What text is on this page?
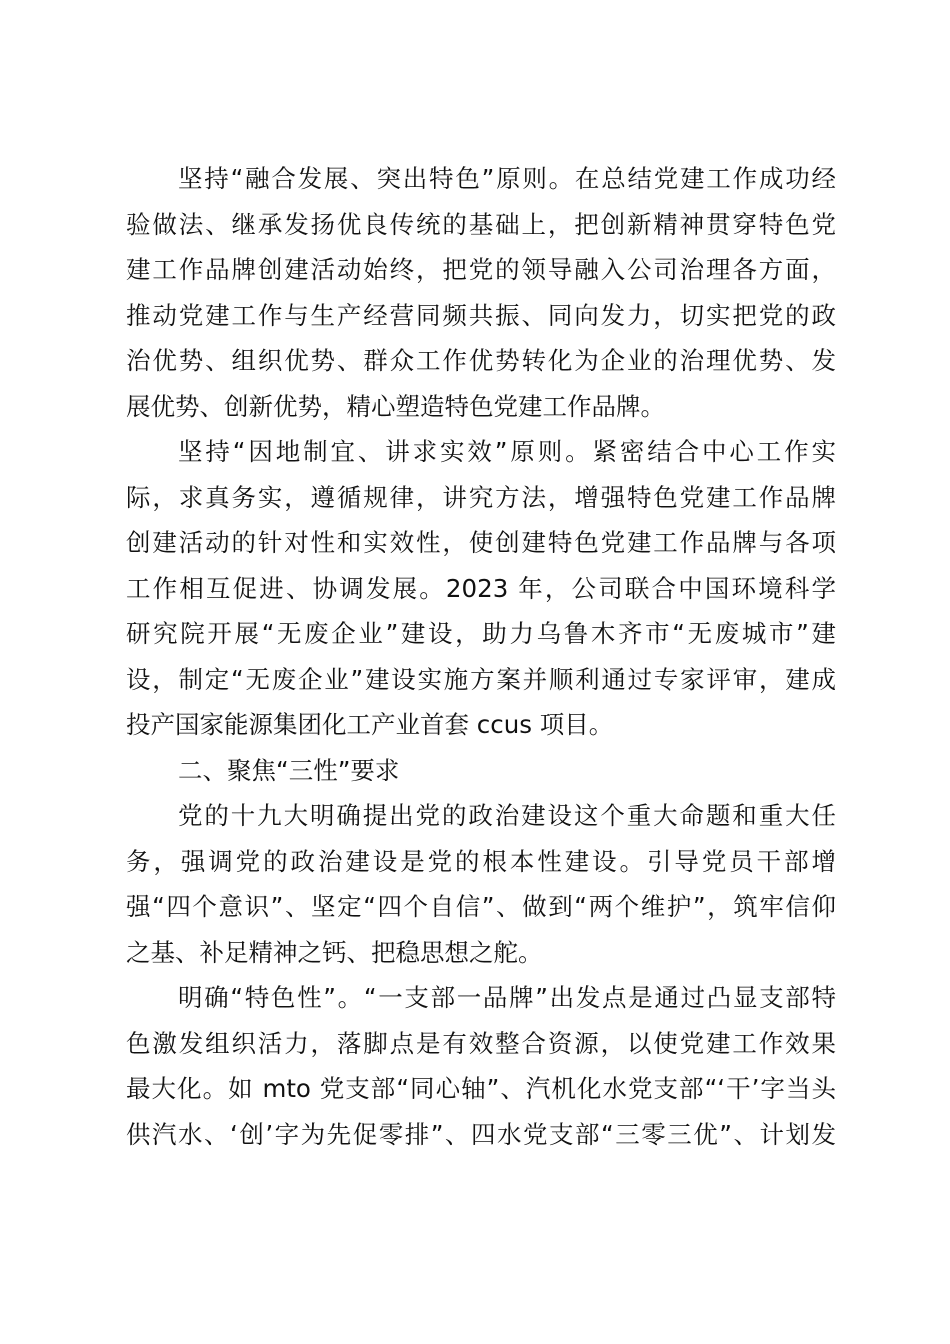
坚持“融合发展、突出特色”原则。在总结党建工作成功经
验做法、继承发扬优良传统的基础上，把创新精神贯穿特色党
建工作品牌创建活动始终，把党的领导融入公司治理各方面，
推动党建工作与生产经营同频共振、同向发力，切实把党的政
治优势、组织优势、群众工作优势转化为企业的治理优势、发
展优势、创新优势，精心塑造特色党建工作品牌。
坚持“因地制宜、讲求实效”原则。紧密结合中心工作实
际，求真务实，遵循规律，讲究方法，增强特色党建工作品牌
创建活动的针对性和实效性，使创建特色党建工作品牌与各项
工作相互促进、协调发展。2023 年，公司联合中国环境科学
研究院开展“无废企业”建设，助力乌鲁木齐市“无废城市”建
设，制定“无废企业”建设实施方案并顺利通过专家评审，建成
投产国家能源集团化工产业首套 ccus 项目。
二、聚焦“三性”要求
党的十九大明确提出党的政治建设这个重大命题和重大任
务，强调党的政治建设是党的根本性建设。引导党员干部增
强“四个意识”、坚定“四个自信”、做到“两个维护”，筑牢信仰
之基、补足精神之钙、把稳思想之舵。
明确“特色性”。“一支部一品牌”出发点是通过凸显支部特
色激发组织活力，落脚点是有效整合资源，以使党建工作效果
最大化。如 mto 党支部“同心轴”、汽机化水党支部“‘干’字当头
供汽水、‘创’字为先促零排”、四水党支部“三零三优”、计划发
